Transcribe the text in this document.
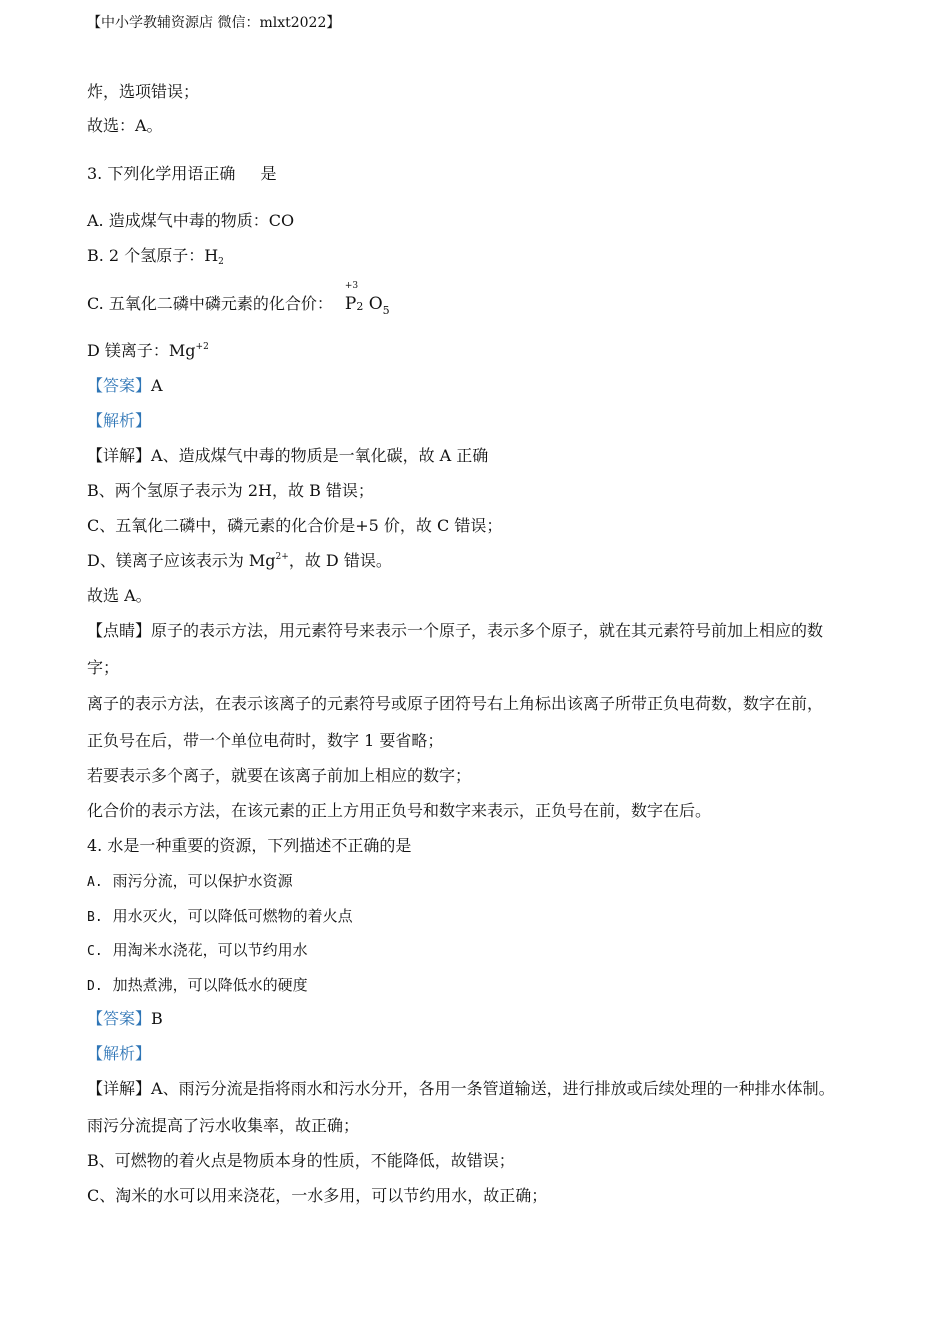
【中小学教辅资源店 微信：mlxt2022】
炸，选项错误；
故选：A。
3. 下列化学用语正确 是
A. 造成煤气中毒的物质：CO
B. 2 个氢原子：$H_2$
C. 五氧化二磷中磷元素的化合价：
+3
P2 $O_5$
D 镁离子：$Mg^{+2}$
【答案】A
【解析】
【详解】A、造成煤气中毒的物质是一氧化碳，故 A 正确
B、两个氢原子表示为 2H，故 B 错误；
C、五氧化二磷中，磷元素的化合价是+5 价，故 C 错误；
D、镁离子应该表示为 $Mg^{2+}$，故 D 错误。
故选 A。
【点睛】原子的表示方法，用元素符号来表示一个原子，表示多个原子，就在其元素符号前加上相应的数
字；
离子的表示方法，在表示该离子的元素符号或原子团符号右上角标出该离子所带正负电荷数，数字在前，
正负号在后，带一个单位电荷时，数字 1 要省略；
若要表示多个离子，就要在该离子前加上相应的数字；
化合价的表示方法，在该元素的正上方用正负号和数字来表示，正负号在前，数字在后。
4. 水是一种重要的资源，下列描述不正确的是
A. 雨污分流，可以保护水资源
B. 用水灭火，可以降低可燃物的着火点
C. 用淘米水浇花，可以节约用水
D. 加热煮沸，可以降低水的硬度
【答案】B
【解析】
【详解】A、雨污分流是指将雨水和污水分开，各用一条管道输送，进行排放或后续处理的一种排水体制。
雨污分流提高了污水收集率，故正确；
B、可燃物的着火点是物质本身的性质，不能降低，故错误；
C、淘米的水可以用来浇花，一水多用，可以节约用水，故正确；
